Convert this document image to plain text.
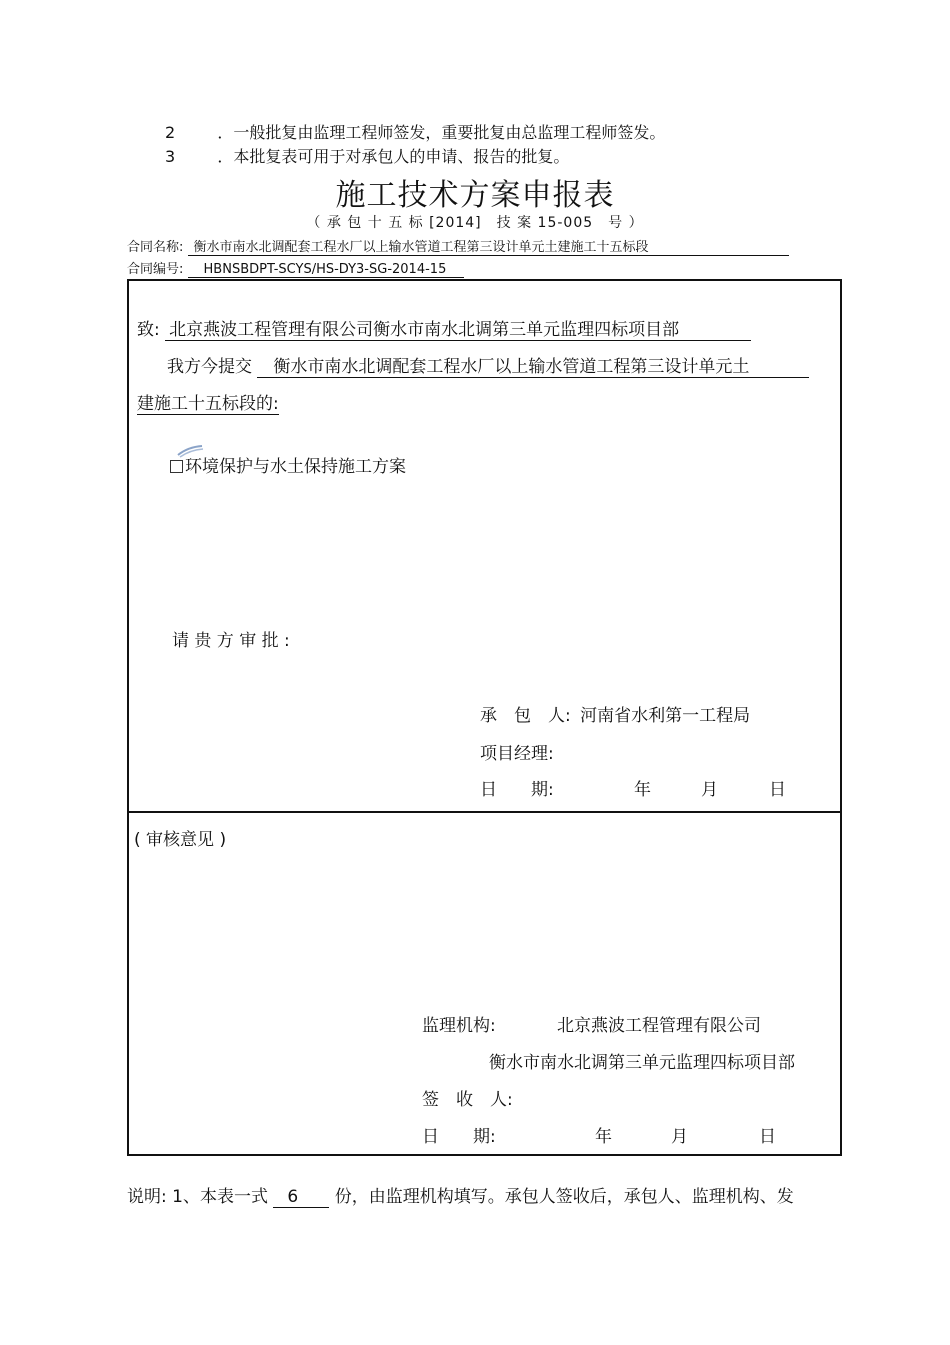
2	．一般批复由监理工程师签发，重要批复由总监理工程师签发。
3	．本批复表可用于对承包人的申请、报告的批复。
施工技术方案申报表
（ 承 包 十 五 标 [2014]　技 案 15-005　号 ）
合同名称: 衡水市南水北调配套工程水厂以上输水管道工程第三设计单元土建施工十五标段
合同编号: HBNSBDPT-SCYS/HS-DY3-SG-2014-15
致: 北京燕波工程管理有限公司衡水市南水北调第三单元监理四标项目部
我方今提交 衡水市南水北调配套工程水厂以上输水管道工程第三设计单元土
建施工十五标段的:
环境保护与水土保持施工方案
请 贵 方 审 批 :
承　包　人: 河南省水利第一工程局
项目经理:
日　　期:	年	月	日
( 审核意见 )
监理机构:	北京燕波工程管理有限公司
衡水市南水北调第三单元监理四标项目部
签　收　人:
日　　期:	年	月	日
说明: 1、本表一式 6 份，由监理机构填写。承包人签收后，承包人、监理机构、发
